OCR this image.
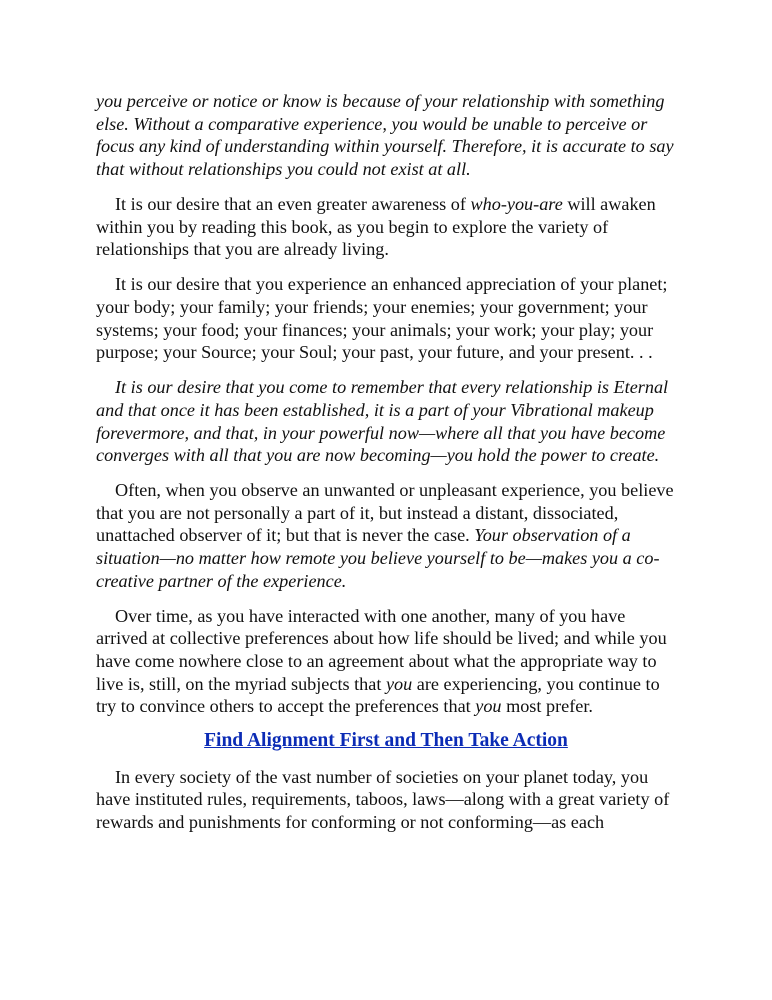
you perceive or notice or know is because of your relationship with something else. Without a comparative experience, you would be unable to perceive or focus any kind of understanding within yourself. Therefore, it is accurate to say that without relationships you could not exist at all.

It is our desire that an even greater awareness of who-you-are will awaken within you by reading this book, as you begin to explore the variety of relationships that you are already living.

It is our desire that you experience an enhanced appreciation of your planet; your body; your family; your friends; your enemies; your government; your systems; your food; your finances; your animals; your work; your play; your purpose; your Source; your Soul; your past, your future, and your present. . .

It is our desire that you come to remember that every relationship is Eternal and that once it has been established, it is a part of your Vibrational makeup forevermore, and that, in your powerful now—where all that you have become converges with all that you are now becoming—you hold the power to create.

Often, when you observe an unwanted or unpleasant experience, you believe that you are not personally a part of it, but instead a distant, dissociated, unattached observer of it; but that is never the case. Your observation of a situation—no matter how remote you believe yourself to be—makes you a co-creative partner of the experience.

Over time, as you have interacted with one another, many of you have arrived at collective preferences about how life should be lived; and while you have come nowhere close to an agreement about what the appropriate way to live is, still, on the myriad subjects that you are experiencing, you continue to try to convince others to accept the preferences that you most prefer.

Find Alignment First and Then Take Action

In every society of the vast number of societies on your planet today, you have instituted rules, requirements, taboos, laws—along with a great variety of rewards and punishments for conforming or not conforming—as each
